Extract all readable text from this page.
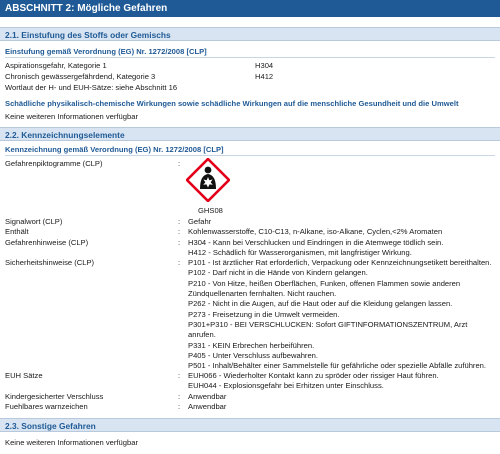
ABSCHNITT 2: Mögliche Gefahren
2.1. Einstufung des Stoffs oder Gemischs
Einstufung gemäß Verordnung (EG) Nr. 1272/2008 [CLP]
Aspirationsgefahr, Kategorie 1	H304
Chronisch gewässergefährdend, Kategorie 3	H412
Wortlaut der H- und EUH-Sätze: siehe Abschnitt 16
Schädliche physikalisch-chemische Wirkungen sowie schädliche Wirkungen auf die menschliche Gesundheit und die Umwelt
Keine weiteren Informationen verfügbar
2.2. Kennzeichnungselemente
Kennzeichnung gemäß Verordnung (EG) Nr. 1272/2008 [CLP]
Gefahrenpiktogramme (CLP)	:
GHS08
Signalwort (CLP)	: Gefahr
Enthält	: Kohlenwasserstoffe, C10-C13, n-Alkane, iso-Alkane, Cyclen,<2% Aromaten
Gefahrenhinweise (CLP)	: H304 - Kann bei Verschlucken und Eindringen in die Atemwege tödlich sein.
H412 - Schädlich für Wasserorganismen, mit langfristiger Wirkung.
Sicherheitshinweise (CLP)	: P101 - Ist ärztlicher Rat erforderlich, Verpackung oder Kennzeichnungsetikett bereithalten.
P102 - Darf nicht in die Hände von Kindern gelangen.
P210 - Von Hitze, heißen Oberflächen, Funken, offenen Flammen sowie anderen
Zündquellenarten fernhalten. Nicht rauchen.
P262 - Nicht in die Augen, auf die Haut oder auf die Kleidung gelangen lassen.
P273 - Freisetzung in die Umwelt vermeiden.
P301+P310 - BEI VERSCHLUCKEN: Sofort GIFTINFORMATIONSZENTRUM, Arzt
anrufen.
P331 - KEIN Erbrechen herbeiführen.
P405 - Unter Verschluss aufbewahren.
P501 - Inhalt/Behälter einer Sammelstelle für gefährliche oder spezielle Abfälle zuführen.
EUH Sätze	: EUH066 - Wiederholter Kontakt kann zu spröder oder rissiger Haut führen.
EUH044 - Explosionsgefahr bei Erhitzen unter Einschluss.
Kindergesicherter Verschluss	: Anwendbar
Fuehlbares warnzeichen	: Anwendbar
2.3. Sonstige Gefahren
Keine weiteren Informationen verfügbar
